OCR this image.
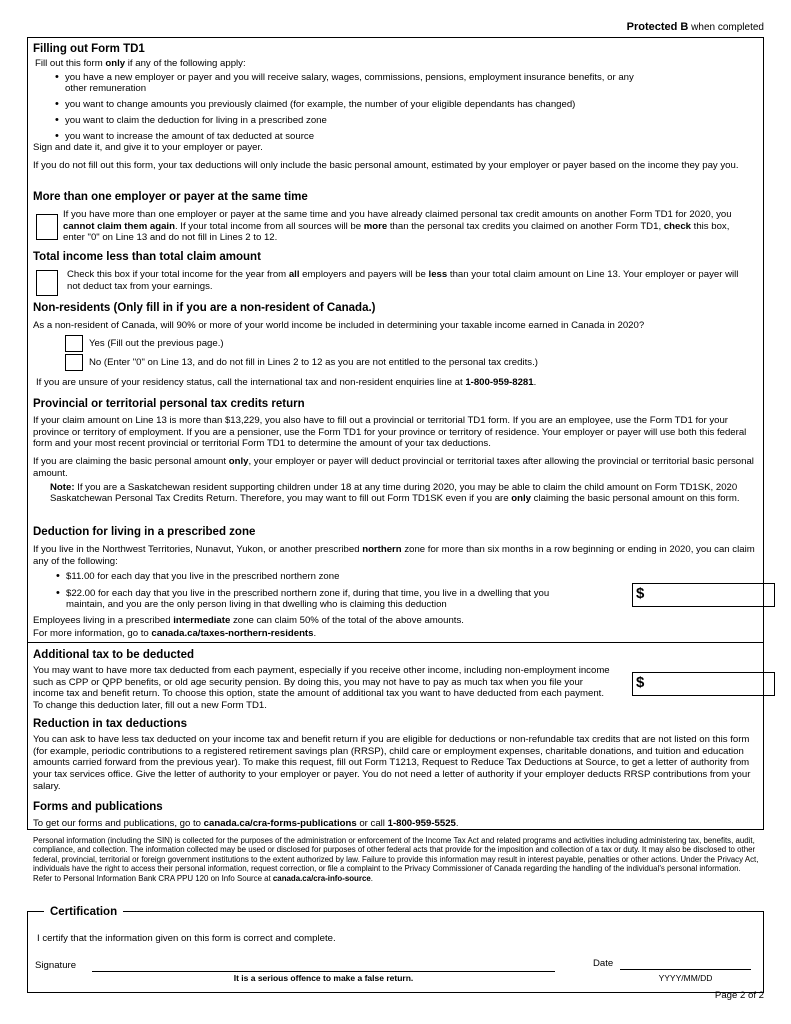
Protected B when completed
Filling out Form TD1

Fill out this form only if any of the following apply:

• you have a new employer or payer and you will receive salary, wages, commissions, pensions, employment insurance benefits, or any other remuneration
• you want to change amounts you previously claimed (for example, the number of your eligible dependants has changed)
• you want to claim the deduction for living in a prescribed zone
• you want to increase the amount of tax deducted at source

Sign and date it, and give it to your employer or payer.

If you do not fill out this form, your tax deductions will only include the basic personal amount, estimated by your employer or payer based on the income they pay you.

More than one employer or payer at the same time
If you have more than one employer or payer at the same time and you have already claimed personal tax credit amounts on another Form TD1 for 2020, you cannot claim them again. If your total income from all sources will be more than the personal tax credits you claimed on another Form TD1, check this box, enter "0" on Line 13 and do not fill in Lines 2 to 12.
Total income less than total claim amount
Check this box if your total income for the year from all employers and payers will be less than your total claim amount on Line 13. Your employer or payer will not deduct tax from your earnings.
Non-residents (Only fill in if you are a non-resident of Canada.)
As a non-resident of Canada, will 90% or more of your world income be included in determining your taxable income earned in Canada in 2020?
Yes (Fill out the previous page.)
No (Enter "0" on Line 13, and do not fill in Lines 2 to 12 as you are not entitled to the personal tax credits.)
If you are unsure of your residency status, call the international tax and non-resident enquiries line at 1-800-959-8281.
Provincial or territorial personal tax credits return

If your claim amount on Line 13 is more than $13,229, you also have to fill out a provincial or territorial TD1 form. If you are an employee, use the Form TD1 for your province or territory of employment. If you are a pensioner, use the Form TD1 for your province or territory of residence. Your employer or payer will use both this federal form and your most recent provincial or territorial Form TD1 to determine the amount of your tax deductions.

If you are claiming the basic personal amount only, your employer or payer will deduct provincial or territorial taxes after allowing the provincial or territorial basic personal amount.

Note: If you are a Saskatchewan resident supporting children under 18 at any time during 2020, you may be able to claim the child amount on Form TD1SK, 2020 Saskatchewan Personal Tax Credits Return. Therefore, you may want to fill out Form TD1SK even if you are only claiming the basic personal amount on this form.

Deduction for living in a prescribed zone
If you live in the Northwest Territories, Nunavut, Yukon, or another prescribed northern zone for more than six months in a row beginning or ending in 2020, you can claim any of the following:
• $11.00 for each day that you live in the prescribed northern zone
• $22.00 for each day that you live in the prescribed northern zone if, during that time, you live in a dwelling that you maintain, and you are the only person living in that dwelling who is claiming this deduction
$
Employees living in a prescribed intermediate zone can claim 50% of the total of the above amounts.
For more information, go to canada.ca/taxes-northern-residents.
Additional tax to be deducted
You may want to have more tax deducted from each payment, especially if you receive other income, including non-employment income such as CPP or QPP benefits, or old age security pension. By doing this, you may not have to pay as much tax when you file your income tax and benefit return. To choose this option, state the amount of additional tax you want to have deducted from each payment. To change this deduction later, fill out a new Form TD1.
$
Reduction in tax deductions
You can ask to have less tax deducted on your income tax and benefit return if you are eligible for deductions or non-refundable tax credits that are not listed on this form (for example, periodic contributions to a registered retirement savings plan (RRSP), child care or employment expenses, charitable donations, and tuition and education amounts carried forward from the previous year). To make this request, fill out Form T1213, Request to Reduce Tax Deductions at Source, to get a letter of authority from your tax services office. Give the letter of authority to your employer or payer. You do not need a letter of authority if your employer deducts RRSP contributions from your salary.
Forms and publications
To get our forms and publications, go to canada.ca/cra-forms-publications or call 1-800-959-5525.
Personal information (including the SIN) is collected for the purposes of the administration or enforcement of the Income Tax Act and related programs and activities including administering tax, benefits, audit, compliance, and collection. The information collected may be used or disclosed for purposes of other federal acts that provide for the imposition and collection of a tax or duty. It may also be disclosed to other federal, provincial, territorial or foreign government institutions to the extent authorized by law. Failure to provide this information may result in interest payable, penalties or other actions. Under the Privacy Act, individuals have the right to access their personal information, request correction, or file a complaint to the Privacy Commissioner of Canada regarding the handling of the individual's personal information. Refer to Personal Information Bank CRA PPU 120 on Info Source at canada.ca/cra-info-source.
Certification
I certify that the information given on this form is correct and complete.
Signature
It is a serious offence to make a false return.
Date
YYYY/MM/DD
Page 2 of 2
